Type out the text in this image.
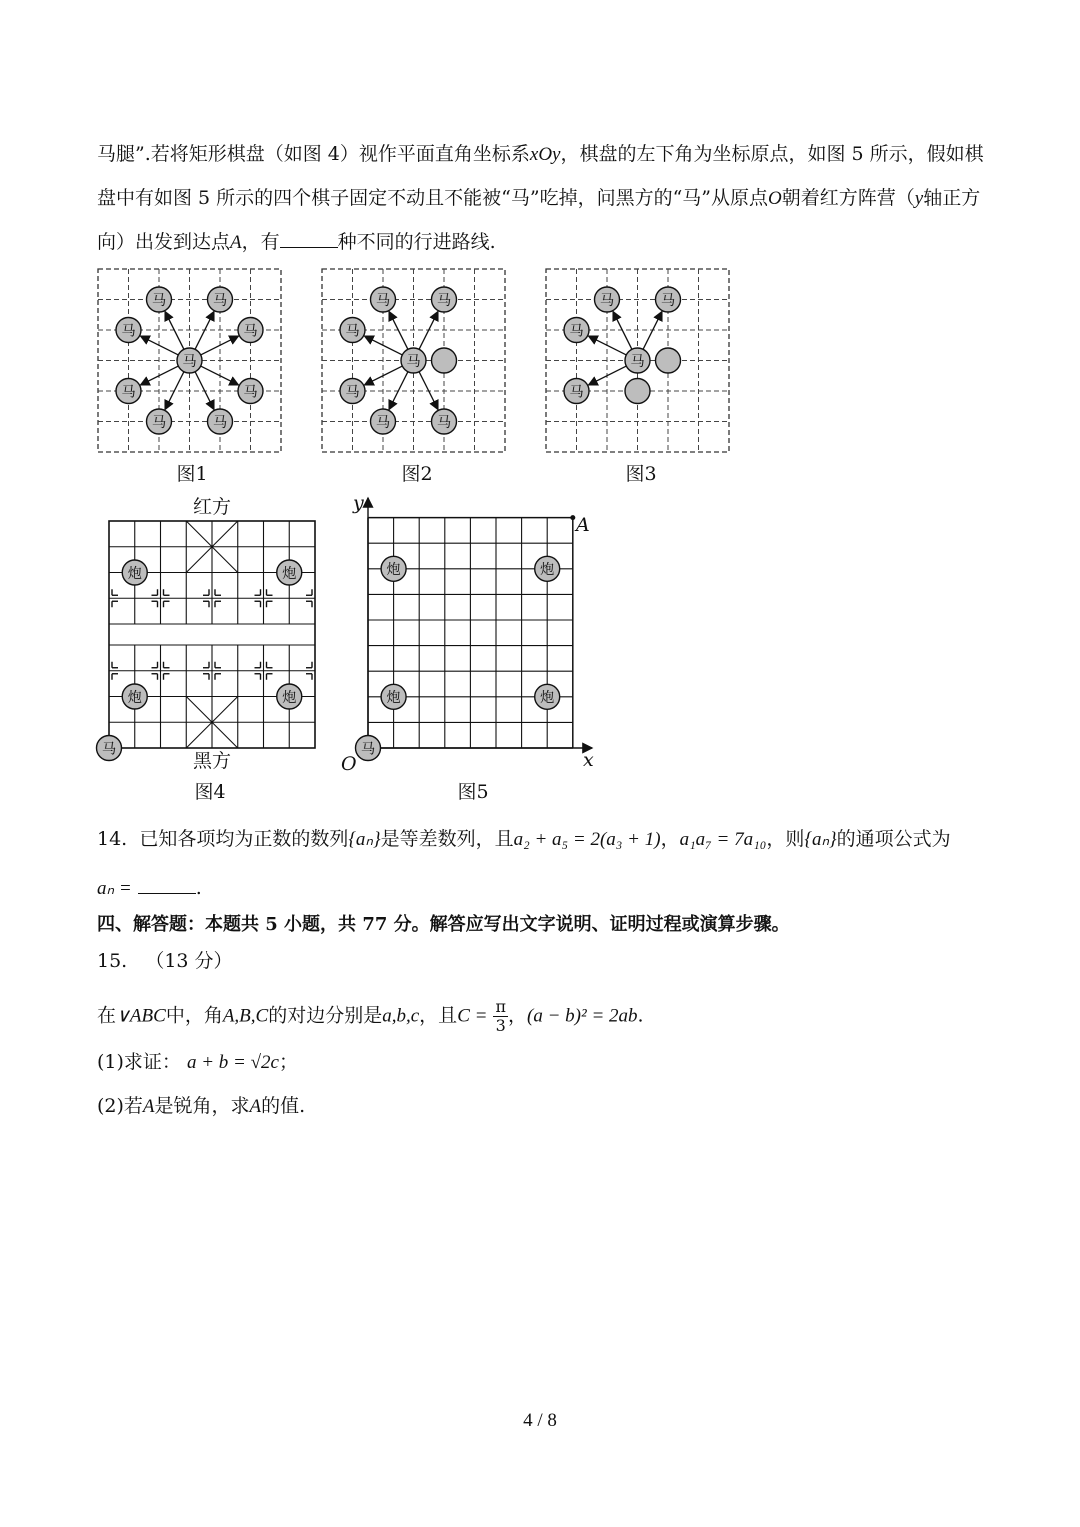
马腿”.若将矩形棋盘（如图 4）视作平面直角坐标系xOy，棋盘的左下角为坐标原点，如图 5 所示，假如棋
盘中有如图 5 所示的四个棋子固定不动且不能被“马”吃掉，问黑方的“马”从原点O朝着红方阵营（y轴正方
向）出发到达点A，有	种不同的行进路线.
马	马
马	马
马	马
马	马
马
马	马
马
马
马	马
马
马	马
马
马
马
炮	炮
炮	炮
马
炮	炮
炮	炮
马
图1	图2	图3
红方
黑方
图4	图5
y
x
O
A
14. 已知各项均为正数的数列{aₙ}是等差数列，且a₂ + a₅ = 2(a₃ + 1)，a₁a₇ = 7a₁₀，则{aₙ}的通项公式为
aₙ =	.
四、解答题：本题共 5 小题，共 77 分。解答应写出文字说明、证明过程或演算步骤。
15. （13 分）
在∨ABC中，角A,B,C的对边分别是a,b,c，且$C = \frac{\pi}{3}$ ，(a − b)² = 2ab.
(1)求证： a + b = √2c；
(2)若A是锐角，求A的值.
4 / 8
